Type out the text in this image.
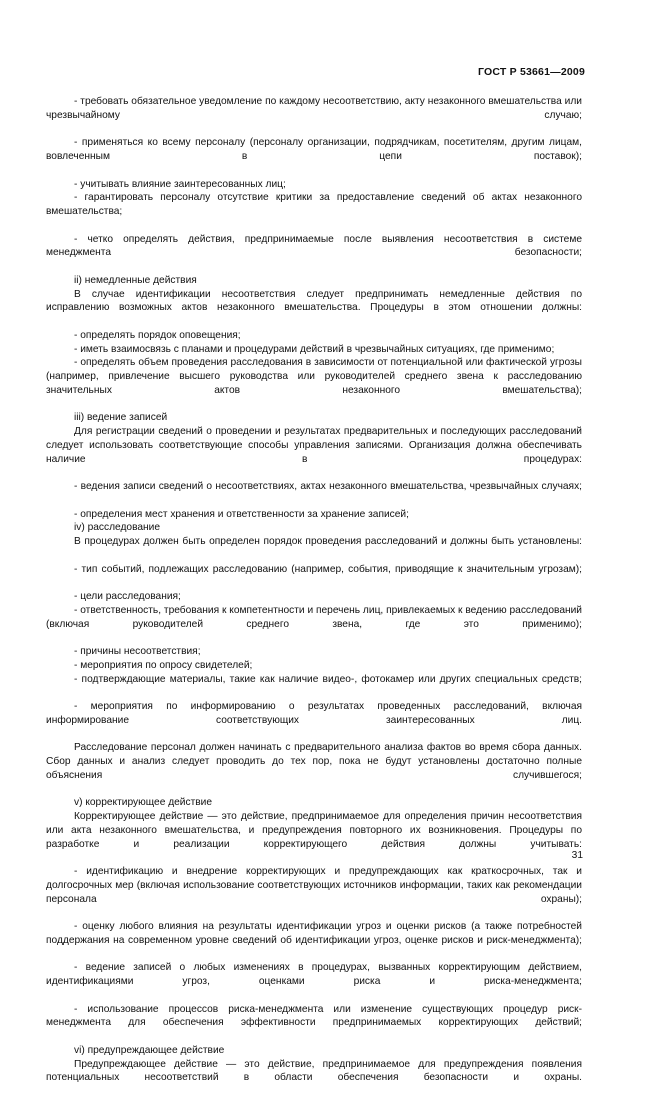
ГОСТ Р 53661—2009

- требовать обязательное уведомление по каждому несоответствию, акту незаконного вмешательства или чрезвычайному случаю;

- применяться ко всему персоналу (персоналу организации, подрядчикам, посетителям, другим лицам, вовлеченным в цепи поставок);

- учитывать влияние заинтересованных лиц;

- гарантировать персоналу отсутствие критики за предоставление сведений об актах незаконного вмешательства;

- четко определять действия, предпринимаемые после выявления несоответствия в системе менеджмента безопасности;

ii) немедленные действия

В случае идентификации несоответствия следует предпринимать немедленные действия по исправлению возможных актов незаконного вмешательства. Процедуры в этом отношении должны:

- определять порядок оповещения;

- иметь взаимосвязь с планами и процедурами действий в чрезвычайных ситуациях, где применимо;

- определять объем проведения расследования в зависимости от потенциальной или фактической угрозы (например, привлечение высшего руководства или руководителей среднего звена к расследованию значительных актов незаконного вмешательства);

iii) ведение записей

Для регистрации сведений о проведении и результатах предварительных и последующих расследований следует использовать соответствующие способы управления записями. Организация должна обеспечивать наличие в процедурах:

- ведения записи сведений о несоответствиях, актах незаконного вмешательства, чрезвычайных случаях;

- определения мест хранения и ответственности за хранение записей;

iv) расследование

В процедурах должен быть определен порядок проведения расследований и должны быть установлены:

- тип событий, подлежащих расследованию (например, события, приводящие к значительным угрозам);

- цели расследования;

- ответственность, требования к компетентности и перечень лиц, привлекаемых к ведению расследований (включая руководителей среднего звена, где это применимо);

- причины несоответствия;

- мероприятия по опросу свидетелей;

- подтверждающие материалы, такие как наличие видео-, фотокамер или других специальных средств;

- мероприятия по информированию о результатах проведенных расследований, включая информирование соответствующих заинтересованных лиц.

Расследование персонал должен начинать с предварительного анализа фактов во время сбора данных. Сбор данных и анализ следует проводить до тех пор, пока не будут установлены достаточно полные объяснения случившегося;

v) корректирующее действие

Корректирующее действие — это действие, предпринимаемое для определения причин несоответствия или акта незаконного вмешательства, и предупреждения повторного их возникновения. Процедуры по разработке и реализации корректирующего действия должны учитывать:

- идентификацию и внедрение корректирующих и предупреждающих как краткосрочных, так и долгосрочных мер (включая использование соответствующих источников информации, таких как рекомендации персонала охраны);

- оценку любого влияния на результаты идентификации угроз и оценки рисков (а также потребностей поддержания на современном уровне сведений об идентификации угроз, оценке рисков и риск-менеджмента);

- ведение записей о любых изменениях в процедурах, вызванных корректирующим действием, идентификациями угроз, оценками риска и риска-менеджмента;

- использование процессов риска-менеджмента или изменение существующих процедур риск-менеджмента для обеспечения эффективности предпринимаемых корректирующих действий;

vi) предупреждающее действие

Предупреждающее действие — это действие, предпринимаемое для предупреждения появления потенциальных несоответствий в области обеспечения безопасности и охраны.

31
